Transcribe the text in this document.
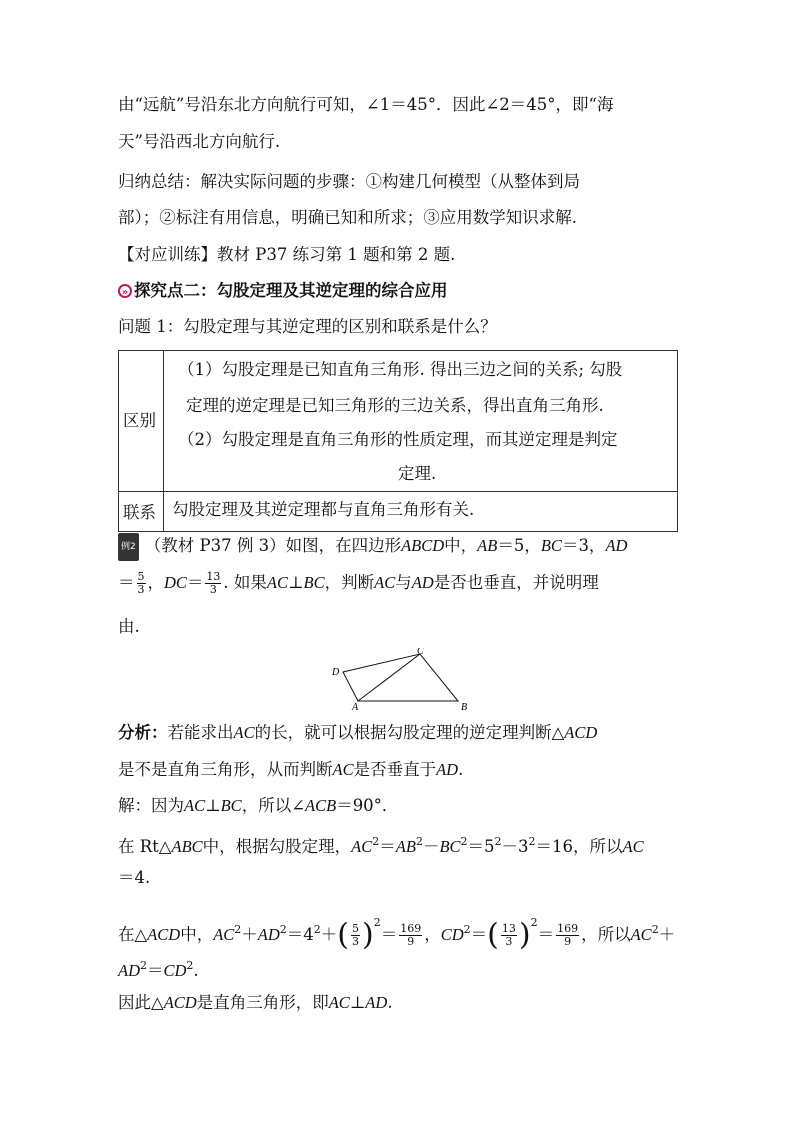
由“远航”号沿东北方向航行可知，∠1＝45°．因此∠2＝45°，即“海
天”号沿西北方向航行.
归纳总结：解决实际问题的步骤：①构建几何模型（从整体到局
部）；②标注有用信息，明确已知和所求；③应用数学知识求解.
【对应训练】教材 P37 练习第 1 题和第 2 题.
» 探究点二：勾股定理及其逆定理的综合应用
问题 1：勾股定理与其逆定理的区别和联系是什么？
区别
（1）勾股定理是已知直角三角形. 得出三边之间的关系; 勾股
定理的逆定理是已知三角形的三边关系，得出直角三角形.
（2）勾股定理是直角三角形的性质定理，而其逆定理是判定
定理.
联系 勾股定理及其逆定理都与直角三角形有关.
例2 （教材 P37 例 3）如图，在四边形ABCD中，AB＝5，BC＝3，AD
＝ $\frac{5}{3}$ ，$DC= \frac{13}{3}$ . 如果AC⊥BC，判断AC与AD是否也垂直，并说明理
由.
C
D
A	B
分析：若能求出AC的长，就可以根据勾股定理的逆定理判断△ACD
是不是直角三角形，从而判断AC是否垂直于AD.
解：因为AC⊥BC，所以∠ACB＝90°．
在 Rt△ABC中，根据勾股定理，$AC^2=AB^2-BC^2=5^2-3^2=16$，所以AC
＝4.
在△ACD中，$AC^2+AD^2=4^2+( \frac{5}{3} )^2= \frac{169}{9}$ ，$CD^2=( \frac{13}{3} )^2= \frac{169}{9}$ ，所以$AC^2+$
$AD^2=CD^2$.
因此△ACD是直角三角形，即AC⊥AD.
